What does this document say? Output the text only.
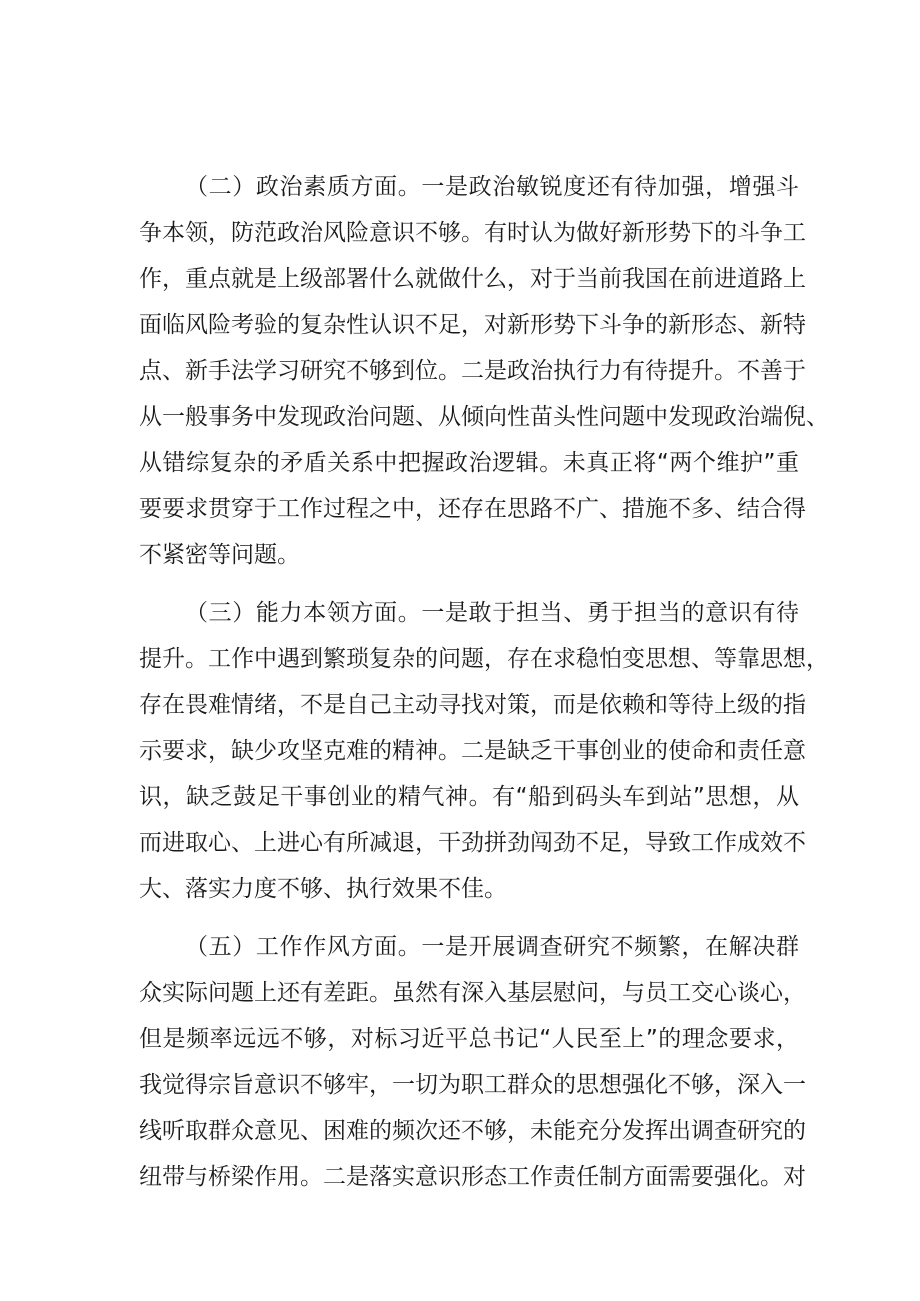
（二）政治素质方面。一是政治敏锐度还有待加强，增强斗
争本领，防范政治风险意识不够。有时认为做好新形势下的斗争工
作，重点就是上级部署什么就做什么，对于当前我国在前进道路上
面临风险考验的复杂性认识不足，对新形势下斗争的新形态、新特
点、新手法学习研究不够到位。二是政治执行力有待提升。不善于
从一般事务中发现政治问题、从倾向性苗头性问题中发现政治端倪、
从错综复杂的矛盾关系中把握政治逻辑。未真正将“两个维护”重
要要求贯穿于工作过程之中，还存在思路不广、措施不多、结合得
不紧密等问题。
（三）能力本领方面。一是敢于担当、勇于担当的意识有待
提升。工作中遇到繁琐复杂的问题，存在求稳怕变思想、等靠思想，
存在畏难情绪，不是自己主动寻找对策，而是依赖和等待上级的指
示要求，缺少攻坚克难的精神。二是缺乏干事创业的使命和责任意
识，缺乏鼓足干事创业的精气神。有“船到码头车到站”思想，从
而进取心、上进心有所减退，干劲拼劲闯劲不足，导致工作成效不
大、落实力度不够、执行效果不佳。
（五）工作作风方面。一是开展调查研究不频繁，在解决群
众实际问题上还有差距。虽然有深入基层慰问，与员工交心谈心，
但是频率远远不够，对标习近平总书记“人民至上”的理念要求，
我觉得宗旨意识不够牢，一切为职工群众的思想强化不够，深入一
线听取群众意见、困难的频次还不够，未能充分发挥出调查研究的
纽带与桥梁作用。二是落实意识形态工作责任制方面需要强化。对
